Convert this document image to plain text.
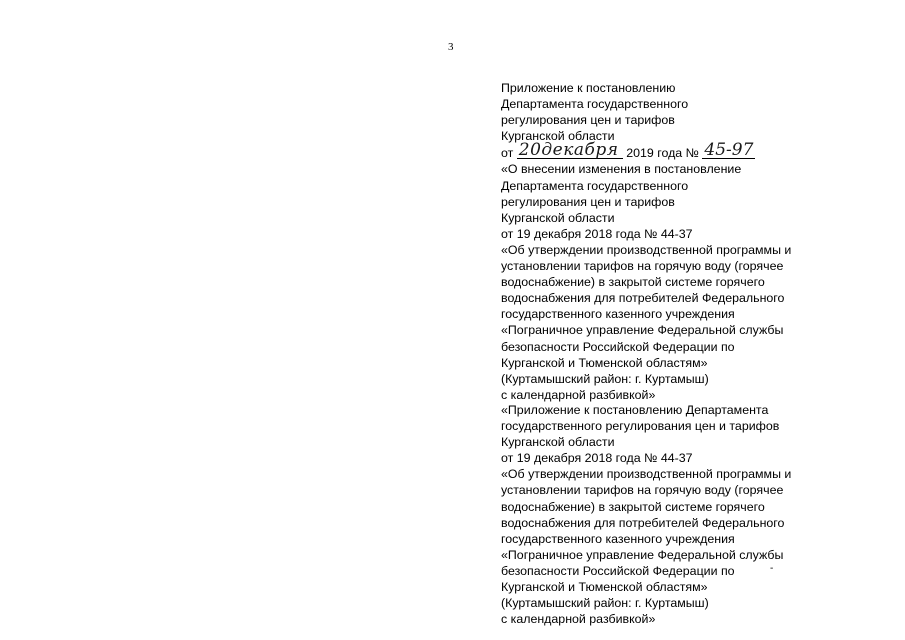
3
Приложение к постановлению
Департамента государственного
регулирования цен и тарифов
Курганской области
от 20декабря 2019 года № 45-97
«О внесении изменения в постановление
Департамента государственного
регулирования цен и тарифов
Курганской области
от 19 декабря 2018 года № 44-37
«Об утверждении производственной программы и
установлении тарифов на горячую воду (горячее
водоснабжение) в закрытой системе горячего
водоснабжения для потребителей Федерального
государственного казенного учреждения
«Пограничное управление Федеральной службы
безопасности Российской Федерации по
Курганской и Тюменской областям»
(Куртамышский район: г. Куртамыш)
с календарной разбивкой»
«Приложение к постановлению Департамента
государственного регулирования цен и тарифов
Курганской области
от 19 декабря 2018 года № 44-37
«Об утверждении производственной программы и
установлении тарифов на горячую воду (горячее
водоснабжение) в закрытой системе горячего
водоснабжения для потребителей Федерального
государственного казенного учреждения
«Пограничное управление Федеральной службы
безопасности Российской Федерации по
Курганской и Тюменской областям»
(Куртамышский район: г. Куртамыш)
с календарной разбивкой»
-
